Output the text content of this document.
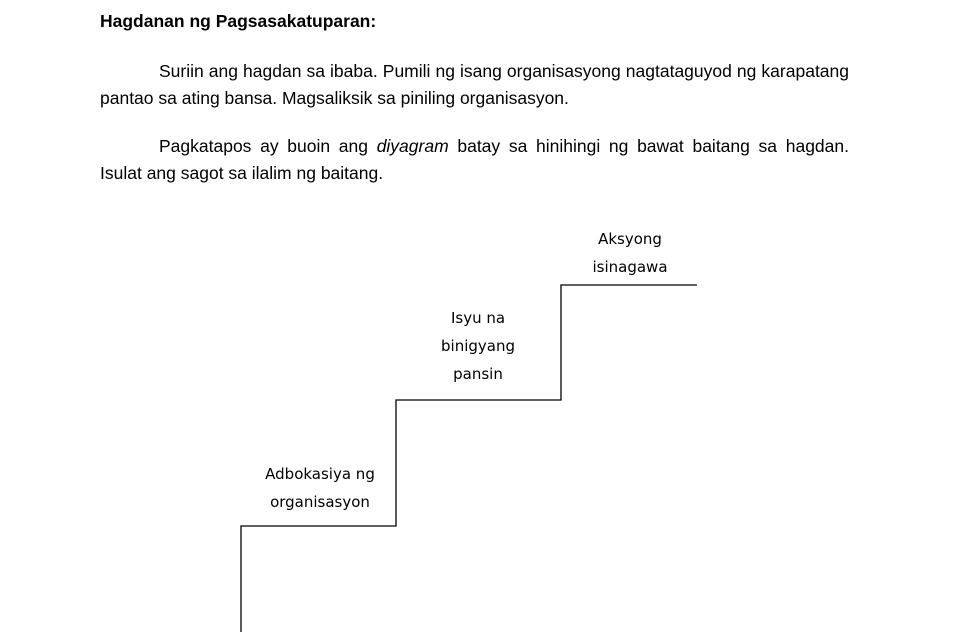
Hagdanan ng Pagsasakatuparan:

Suriin ang hagdan sa ibaba. Pumili ng isang organisasyong nagtataguyod ng karapatang pantao sa ating bansa. Magsaliksik sa piniling organisasyon.

Pagkatapos ay buoin ang diyagram batay sa hinihingi ng bawat baitang sa hagdan. Isulat ang sagot sa ilalim ng baitang.

Adbokasiya ng
organisasyon
Isyu na
binigyang
pansin
Aksyong
isinagawa
